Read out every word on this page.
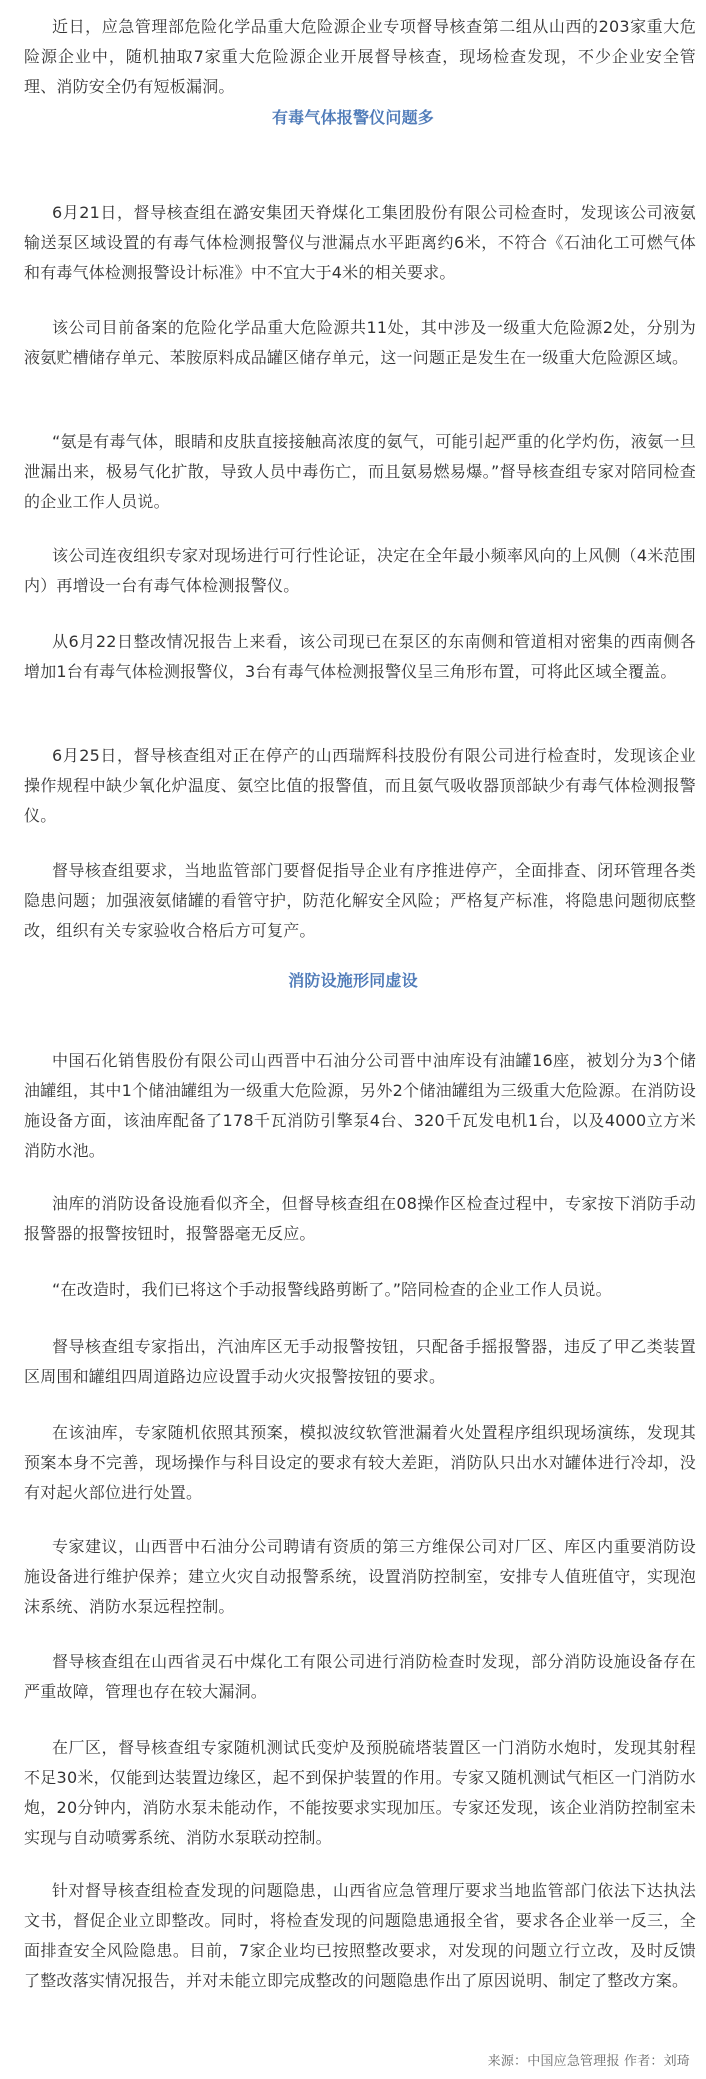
近日，应急管理部危险化学品重大危险源企业专项督导核查第二组从山西的203家重大危险源企业中，随机抽取7家重大危险源企业开展督导核查，现场检查发现，不少企业安全管理、消防安全仍有短板漏洞。

有毒气体报警仪问题多

6月21日，督导核查组在潞安集团天脊煤化工集团股份有限公司检查时，发现该公司液氨输送泵区域设置的有毒气体检测报警仪与泄漏点水平距离约6米，不符合《石油化工可燃气体和有毒气体检测报警设计标准》中不宜大于4米的相关要求。

该公司目前备案的危险化学品重大危险源共11处，其中涉及一级重大危险源2处，分别为液氨贮槽储存单元、苯胺原料成品罐区储存单元，这一问题正是发生在一级重大危险源区域。

“氨是有毒气体，眼睛和皮肤直接接触高浓度的氨气，可能引起严重的化学灼伤，液氨一旦泄漏出来，极易气化扩散，导致人员中毒伤亡，而且氨易燃易爆。”督导核查组专家对陪同检查的企业工作人员说。

该公司连夜组织专家对现场进行可行性论证，决定在全年最小频率风向的上风侧（4米范围内）再增设一台有毒气体检测报警仪。

从6月22日整改情况报告上来看，该公司现已在泵区的东南侧和管道相对密集的西南侧各增加1台有毒气体检测报警仪，3台有毒气体检测报警仪呈三角形布置，可将此区域全覆盖。

6月25日，督导核查组对正在停产的山西瑞辉科技股份有限公司进行检查时，发现该企业操作规程中缺少氧化炉温度、氨空比值的报警值，而且氨气吸收器顶部缺少有毒气体检测报警仪。

督导核查组要求，当地监管部门要督促指导企业有序推进停产，全面排查、闭环管理各类隐患问题；加强液氨储罐的看管守护，防范化解安全风险；严格复产标准，将隐患问题彻底整改，组织有关专家验收合格后方可复产。

消防设施形同虚设

中国石化销售股份有限公司山西晋中石油分公司晋中油库设有油罐16座，被划分为3个储油罐组，其中1个储油罐组为一级重大危险源，另外2个储油罐组为三级重大危险源。在消防设施设备方面，该油库配备了178千瓦消防引擎泵4台、320千瓦发电机1台，以及4000立方米消防水池。

油库的消防设备设施看似齐全，但督导核查组在08操作区检查过程中，专家按下消防手动报警器的报警按钮时，报警器毫无反应。

“在改造时，我们已将这个手动报警线路剪断了。”陪同检查的企业工作人员说。

督导核查组专家指出，汽油库区无手动报警按钮，只配备手摇报警器，违反了甲乙类装置区周围和罐组四周道路边应设置手动火灾报警按钮的要求。

在该油库，专家随机依照其预案，模拟波纹软管泄漏着火处置程序组织现场演练，发现其预案本身不完善，现场操作与科目设定的要求有较大差距，消防队只出水对罐体进行冷却，没有对起火部位进行处置。

专家建议，山西晋中石油分公司聘请有资质的第三方维保公司对厂区、库区内重要消防设施设备进行维护保养；建立火灾自动报警系统，设置消防控制室，安排专人值班值守，实现泡沫系统、消防水泵远程控制。

督导核查组在山西省灵石中煤化工有限公司进行消防检查时发现，部分消防设施设备存在严重故障，管理也存在较大漏洞。

在厂区，督导核查组专家随机测试氏变炉及预脱硫塔装置区一门消防水炮时，发现其射程不足30米，仅能到达装置边缘区，起不到保护装置的作用。专家又随机测试气柜区一门消防水炮，20分钟内，消防水泵未能动作，不能按要求实现加压。专家还发现，该企业消防控制室未实现与自动喷雾系统、消防水泵联动控制。

针对督导核查组检查发现的问题隐患，山西省应急管理厅要求当地监管部门依法下达执法文书，督促企业立即整改。同时，将检查发现的问题隐患通报全省，要求各企业举一反三，全面排查安全风险隐患。目前，7家企业均已按照整改要求，对发现的问题立行立改，及时反馈了整改落实情况报告，并对未能立即完成整改的问题隐患作出了原因说明、制定了整改方案。

来源：中国应急管理报 作者：刘琦
